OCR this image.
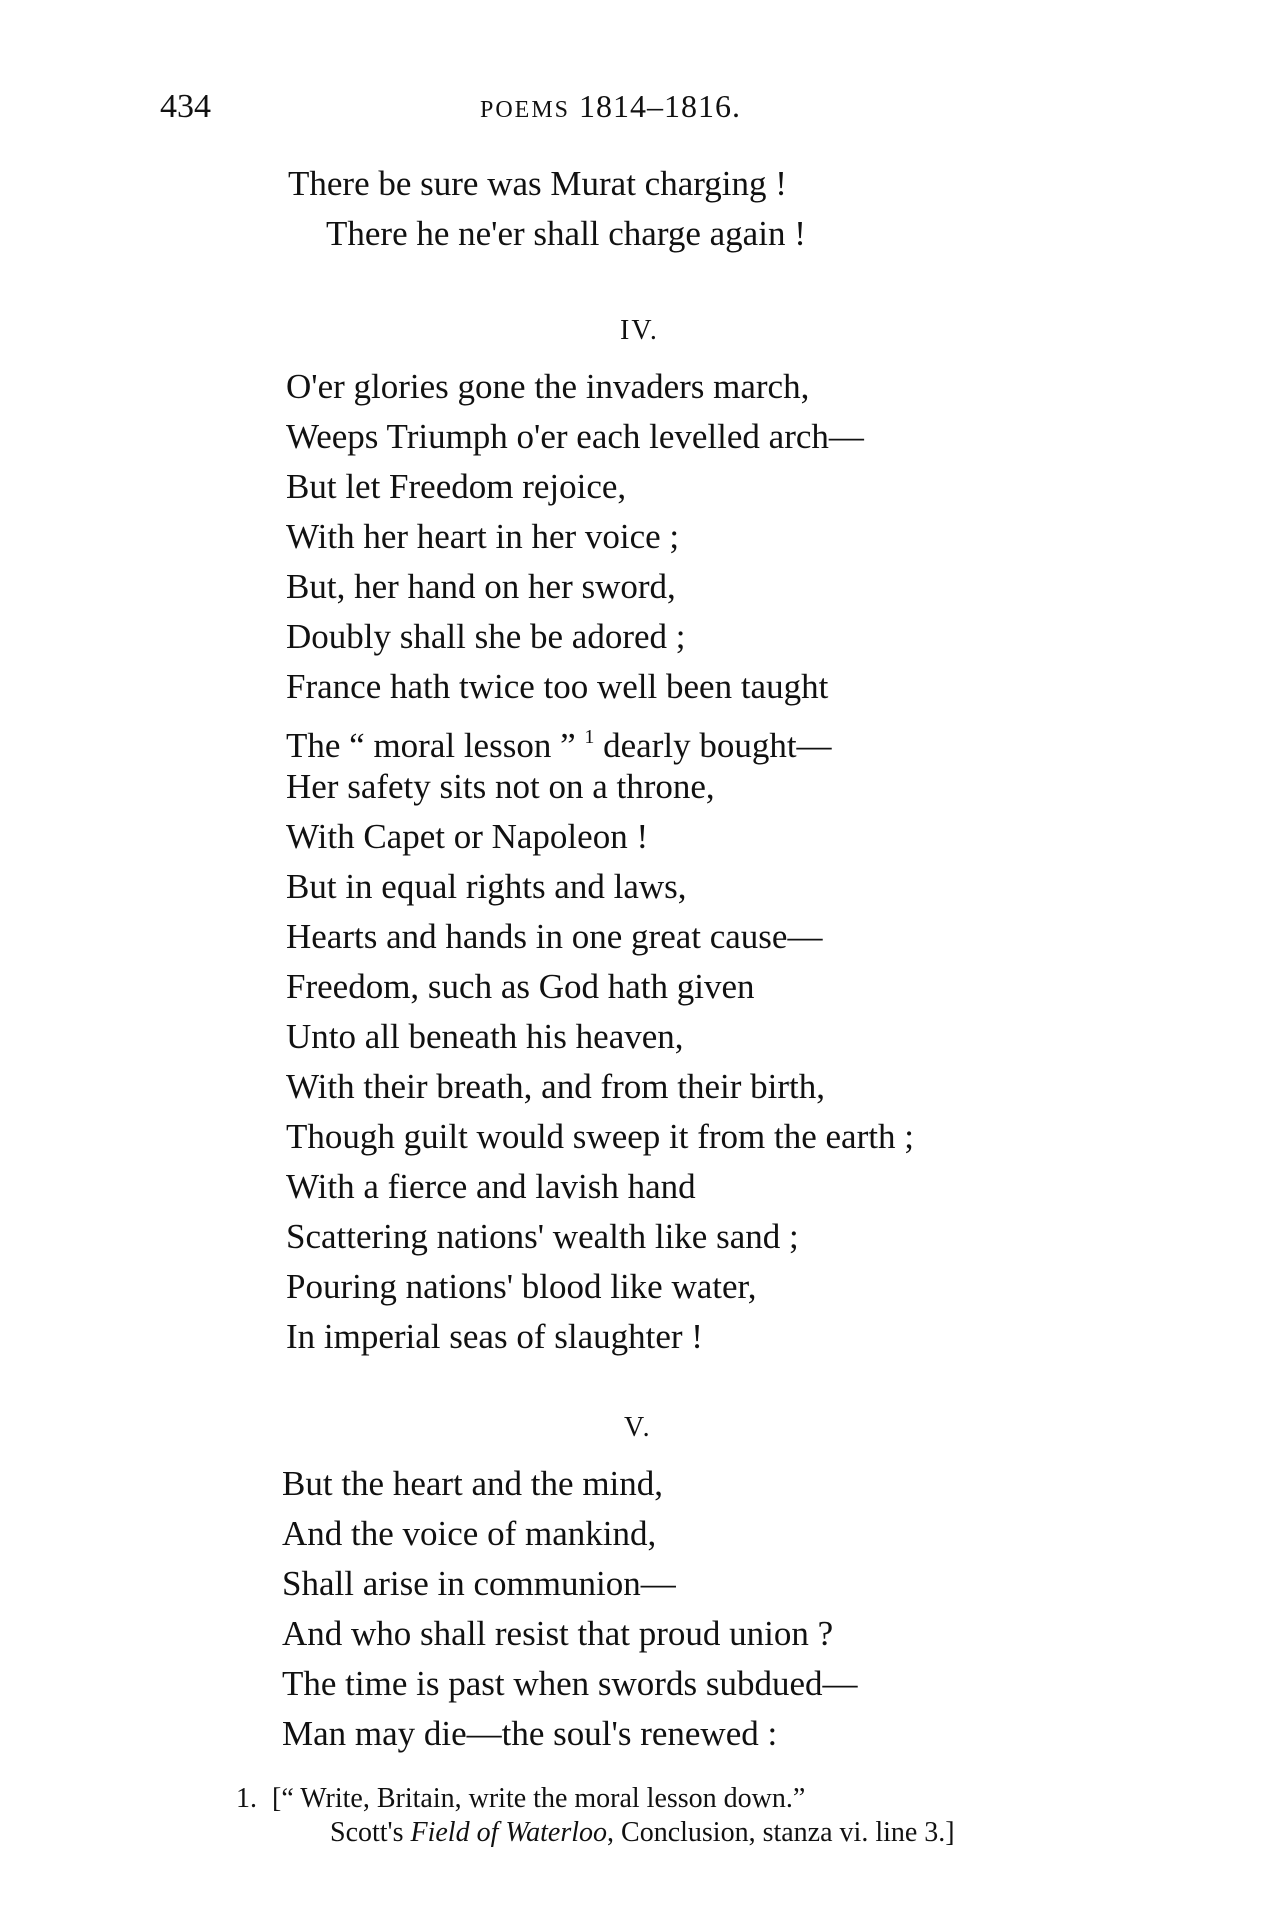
434	POEMS 1814–1816.
There be sure was Murat charging !
There he ne'er shall charge again !
IV.
O'er glories gone the invaders march,
Weeps Triumph o'er each levelled arch—
But let Freedom rejoice,
With her heart in her voice ;
But, her hand on her sword,
Doubly shall she be adored ;
France hath twice too well been taught
The “ moral lesson ” $^1$ dearly bought—
Her safety sits not on a throne,
With Capet or Napoleon !
But in equal rights and laws,
Hearts and hands in one great cause—
Freedom, such as God hath given
Unto all beneath his heaven,
With their breath, and from their birth,
Though guilt would sweep it from the earth ;
With a fierce and lavish hand
Scattering nations' wealth like sand ;
Pouring nations' blood like water,
In imperial seas of slaughter !
V.
But the heart and the mind,
And the voice of mankind,
Shall arise in communion—
And who shall resist that proud union ?
The time is past when swords subdued—
Man may die—the soul's renewed :
1. [“ Write, Britain, write the moral lesson down.”
Scott's Field of Waterloo, Conclusion, stanza vi. line 3.]
